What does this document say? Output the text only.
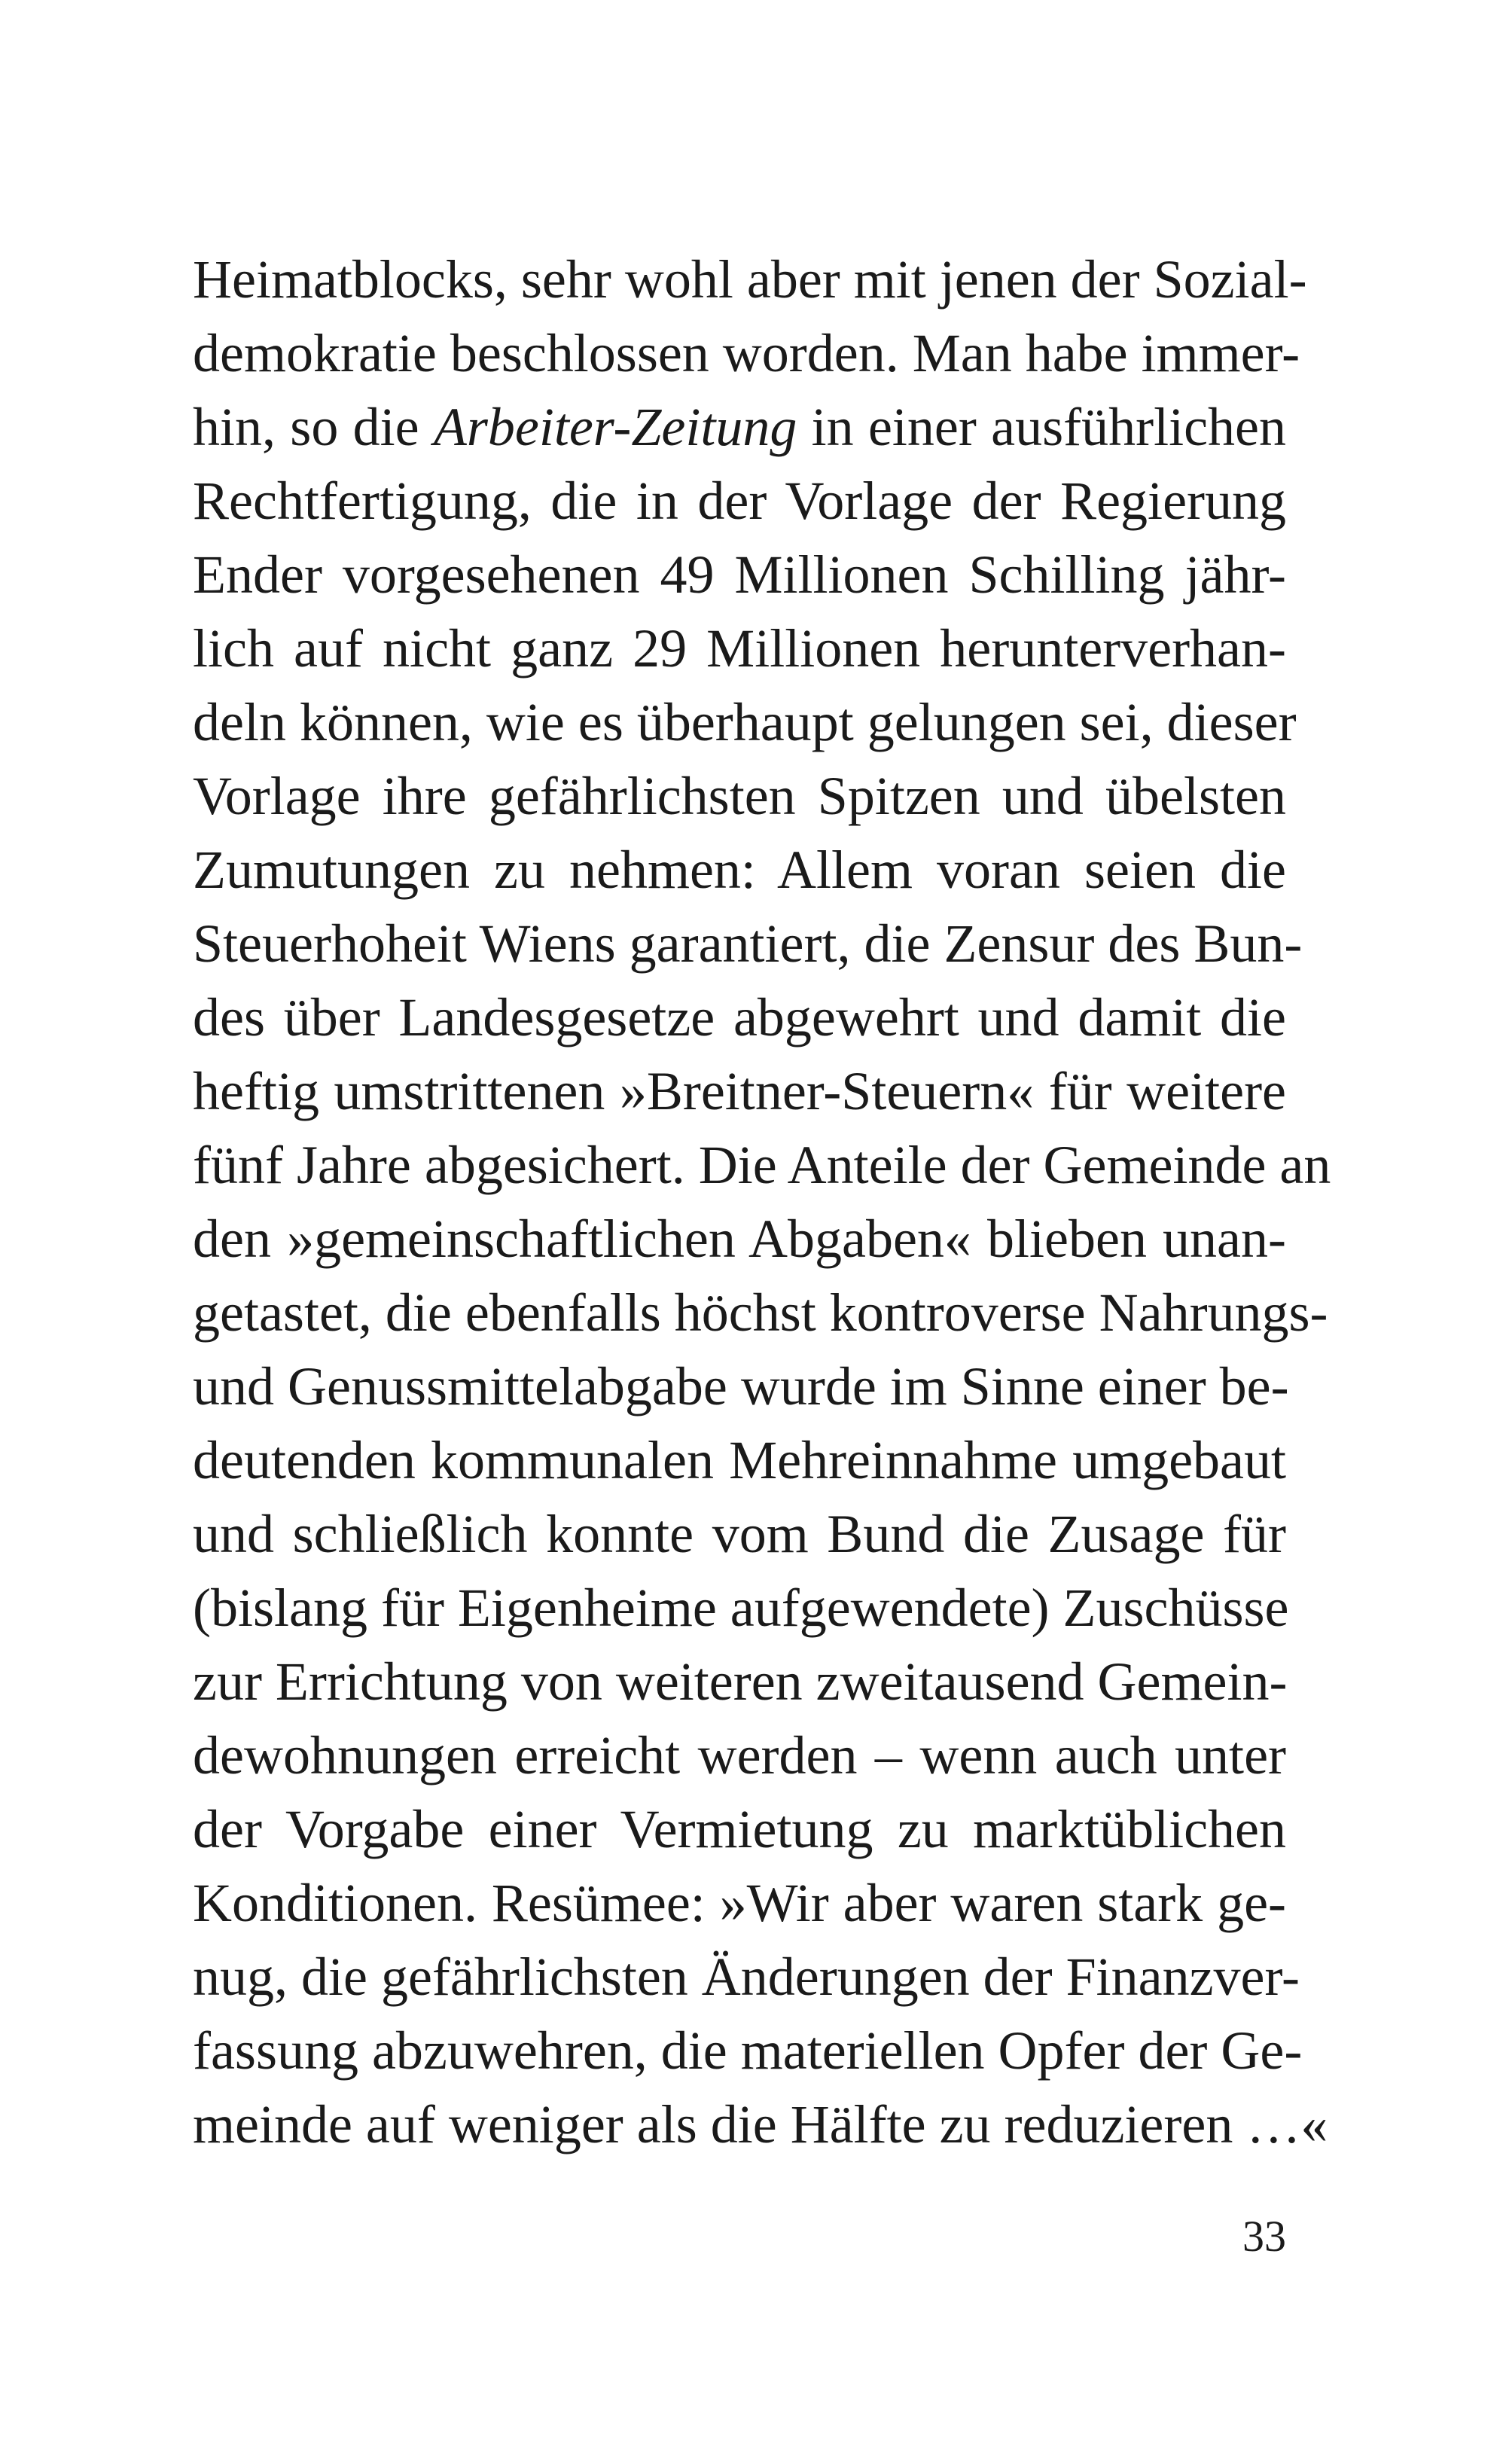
Heimatblocks, sehr wohl aber mit jenen der Sozial-
demokratie beschlossen worden. Man habe immer-
hin, so die Arbeiter-Zeitung in einer ausführlichen
Rechtfertigung, die in der Vorlage der Regierung
Ender vorgesehenen 49 Millionen Schilling jähr-
lich auf nicht ganz 29 Millionen herunterverhan-
deln können, wie es überhaupt gelungen sei, dieser
Vorlage ihre gefährlichsten Spitzen und übelsten
Zumutungen zu nehmen: Allem voran seien die
Steuerhoheit Wiens garantiert, die Zensur des Bun-
des über Landesgesetze abgewehrt und damit die
heftig umstrittenen »Breitner-Steuern« für weitere
fünf Jahre abgesichert. Die Anteile der Gemeinde an
den »gemeinschaftlichen Abgaben« blieben unan-
getastet, die ebenfalls höchst kontroverse Nahrungs-
und Genussmittelabgabe wurde im Sinne einer be-
deutenden kommunalen Mehreinnahme umgebaut
und schließlich konnte vom Bund die Zusage für
(bislang für Eigenheime aufgewendete) Zuschüsse
zur Errichtung von weiteren zweitausend Gemein-
dewohnungen erreicht werden – wenn auch unter
der Vorgabe einer Vermietung zu marktüblichen
Konditionen. Resümee: »Wir aber waren stark ge-
nug, die gefährlichsten Änderungen der Finanzver-
fassung abzuwehren, die materiellen Opfer der Ge-
meinde auf weniger als die Hälfte zu reduzieren …«
33
